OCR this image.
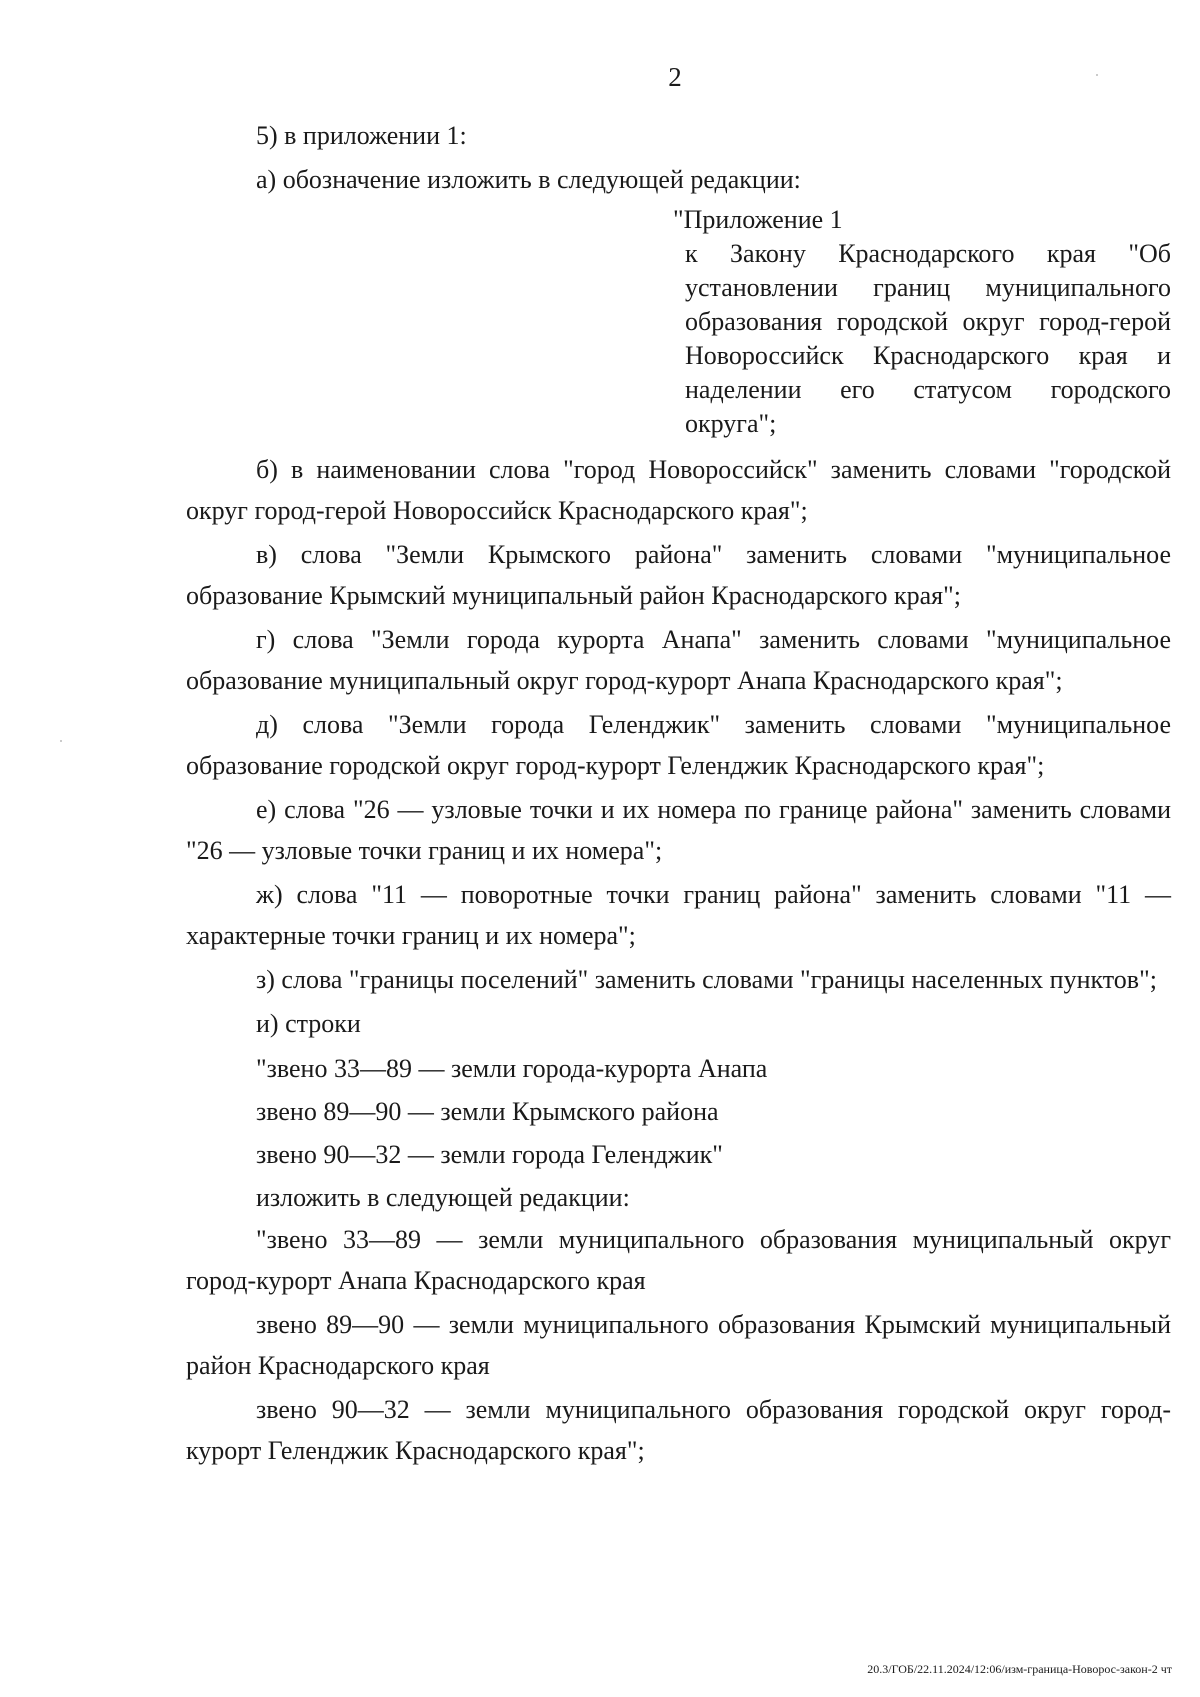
2

5) в приложении 1:

а) обозначение изложить в следующей редакции:

"Приложение 1
к Закону Краснодарского края "Об установлении границ муниципального образования городской округ город-герой Новороссийск Краснодарского края и наделении его статусом городского округа";

б) в наименовании слова "город Новороссийск" заменить словами "городской округ город-герой Новороссийск Краснодарского края";

в) слова "Земли Крымского района" заменить словами "муниципальное образование Крымский муниципальный район Краснодарского края";

г) слова "Земли города курорта Анапа" заменить словами "муниципальное образование муниципальный округ город-курорт Анапа Краснодарского края";

д) слова "Земли города Геленджик" заменить словами "муниципальное образование городской округ город-курорт Геленджик Краснодарского края";

е) слова "26 — узловые точки и их номера по границе района" заменить словами "26 — узловые точки границ и их номера";

ж) слова "11 — поворотные точки границ района" заменить словами "11 — характерные точки границ и их номера";

з) слова "границы поселений" заменить словами "границы населенных пунктов";

и) строки

"звено 33—89 — земли города-курорта Анапа
звено 89—90 — земли Крымского района
звено 90—32 — земли города Геленджик"
изложить в следующей редакции:

"звено 33—89 — земли муниципального образования муниципальный округ город-курорт Анапа Краснодарского края

звено 89—90 — земли муниципального образования Крымский муниципальный район Краснодарского края

звено 90—32 — земли муниципального образования городской округ город-курорт Геленджик Краснодарского края";

20.3/ГОБ/22.11.2024/12:06/изм-граница-Новорос-закон-2 чт
